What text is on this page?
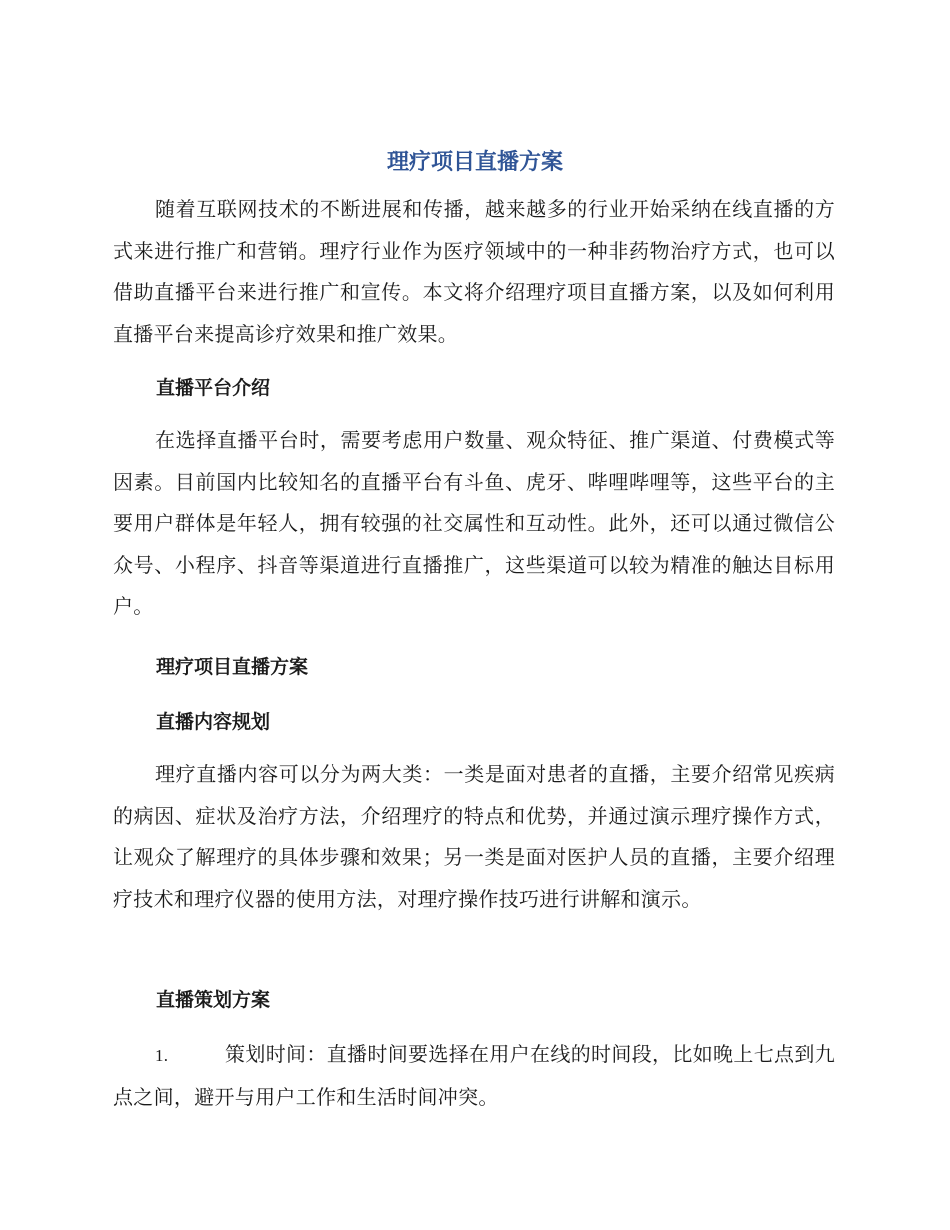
理疗项目直播方案

随着互联网技术的不断进展和传播，越来越多的行业开始采纳在线直播的方式来进行推广和营销。理疗行业作为医疗领域中的一种非药物治疗方式，也可以借助直播平台来进行推广和宣传。本文将介绍理疗项目直播方案，以及如何利用直播平台来提高诊疗效果和推广效果。

直播平台介绍

在选择直播平台时，需要考虑用户数量、观众特征、推广渠道、付费模式等因素。目前国内比较知名的直播平台有斗鱼、虎牙、哔哩哔哩等，这些平台的主要用户群体是年轻人，拥有较强的社交属性和互动性。此外，还可以通过微信公众号、小程序、抖音等渠道进行直播推广，这些渠道可以较为精准的触达目标用户。

理疗项目直播方案
直播内容规划

理疗直播内容可以分为两大类：一类是面对患者的直播，主要介绍常见疾病的病因、症状及治疗方法，介绍理疗的特点和优势，并通过演示理疗操作方式，让观众了解理疗的具体步骤和效果；另一类是面对医护人员的直播，主要介绍理疗技术和理疗仪器的使用方法，对理疗操作技巧进行讲解和演示。

直播策划方案

1.	策划时间：直播时间要选择在用户在线的时间段，比如晚上七点到九点之间，避开与用户工作和生活时间冲突。
